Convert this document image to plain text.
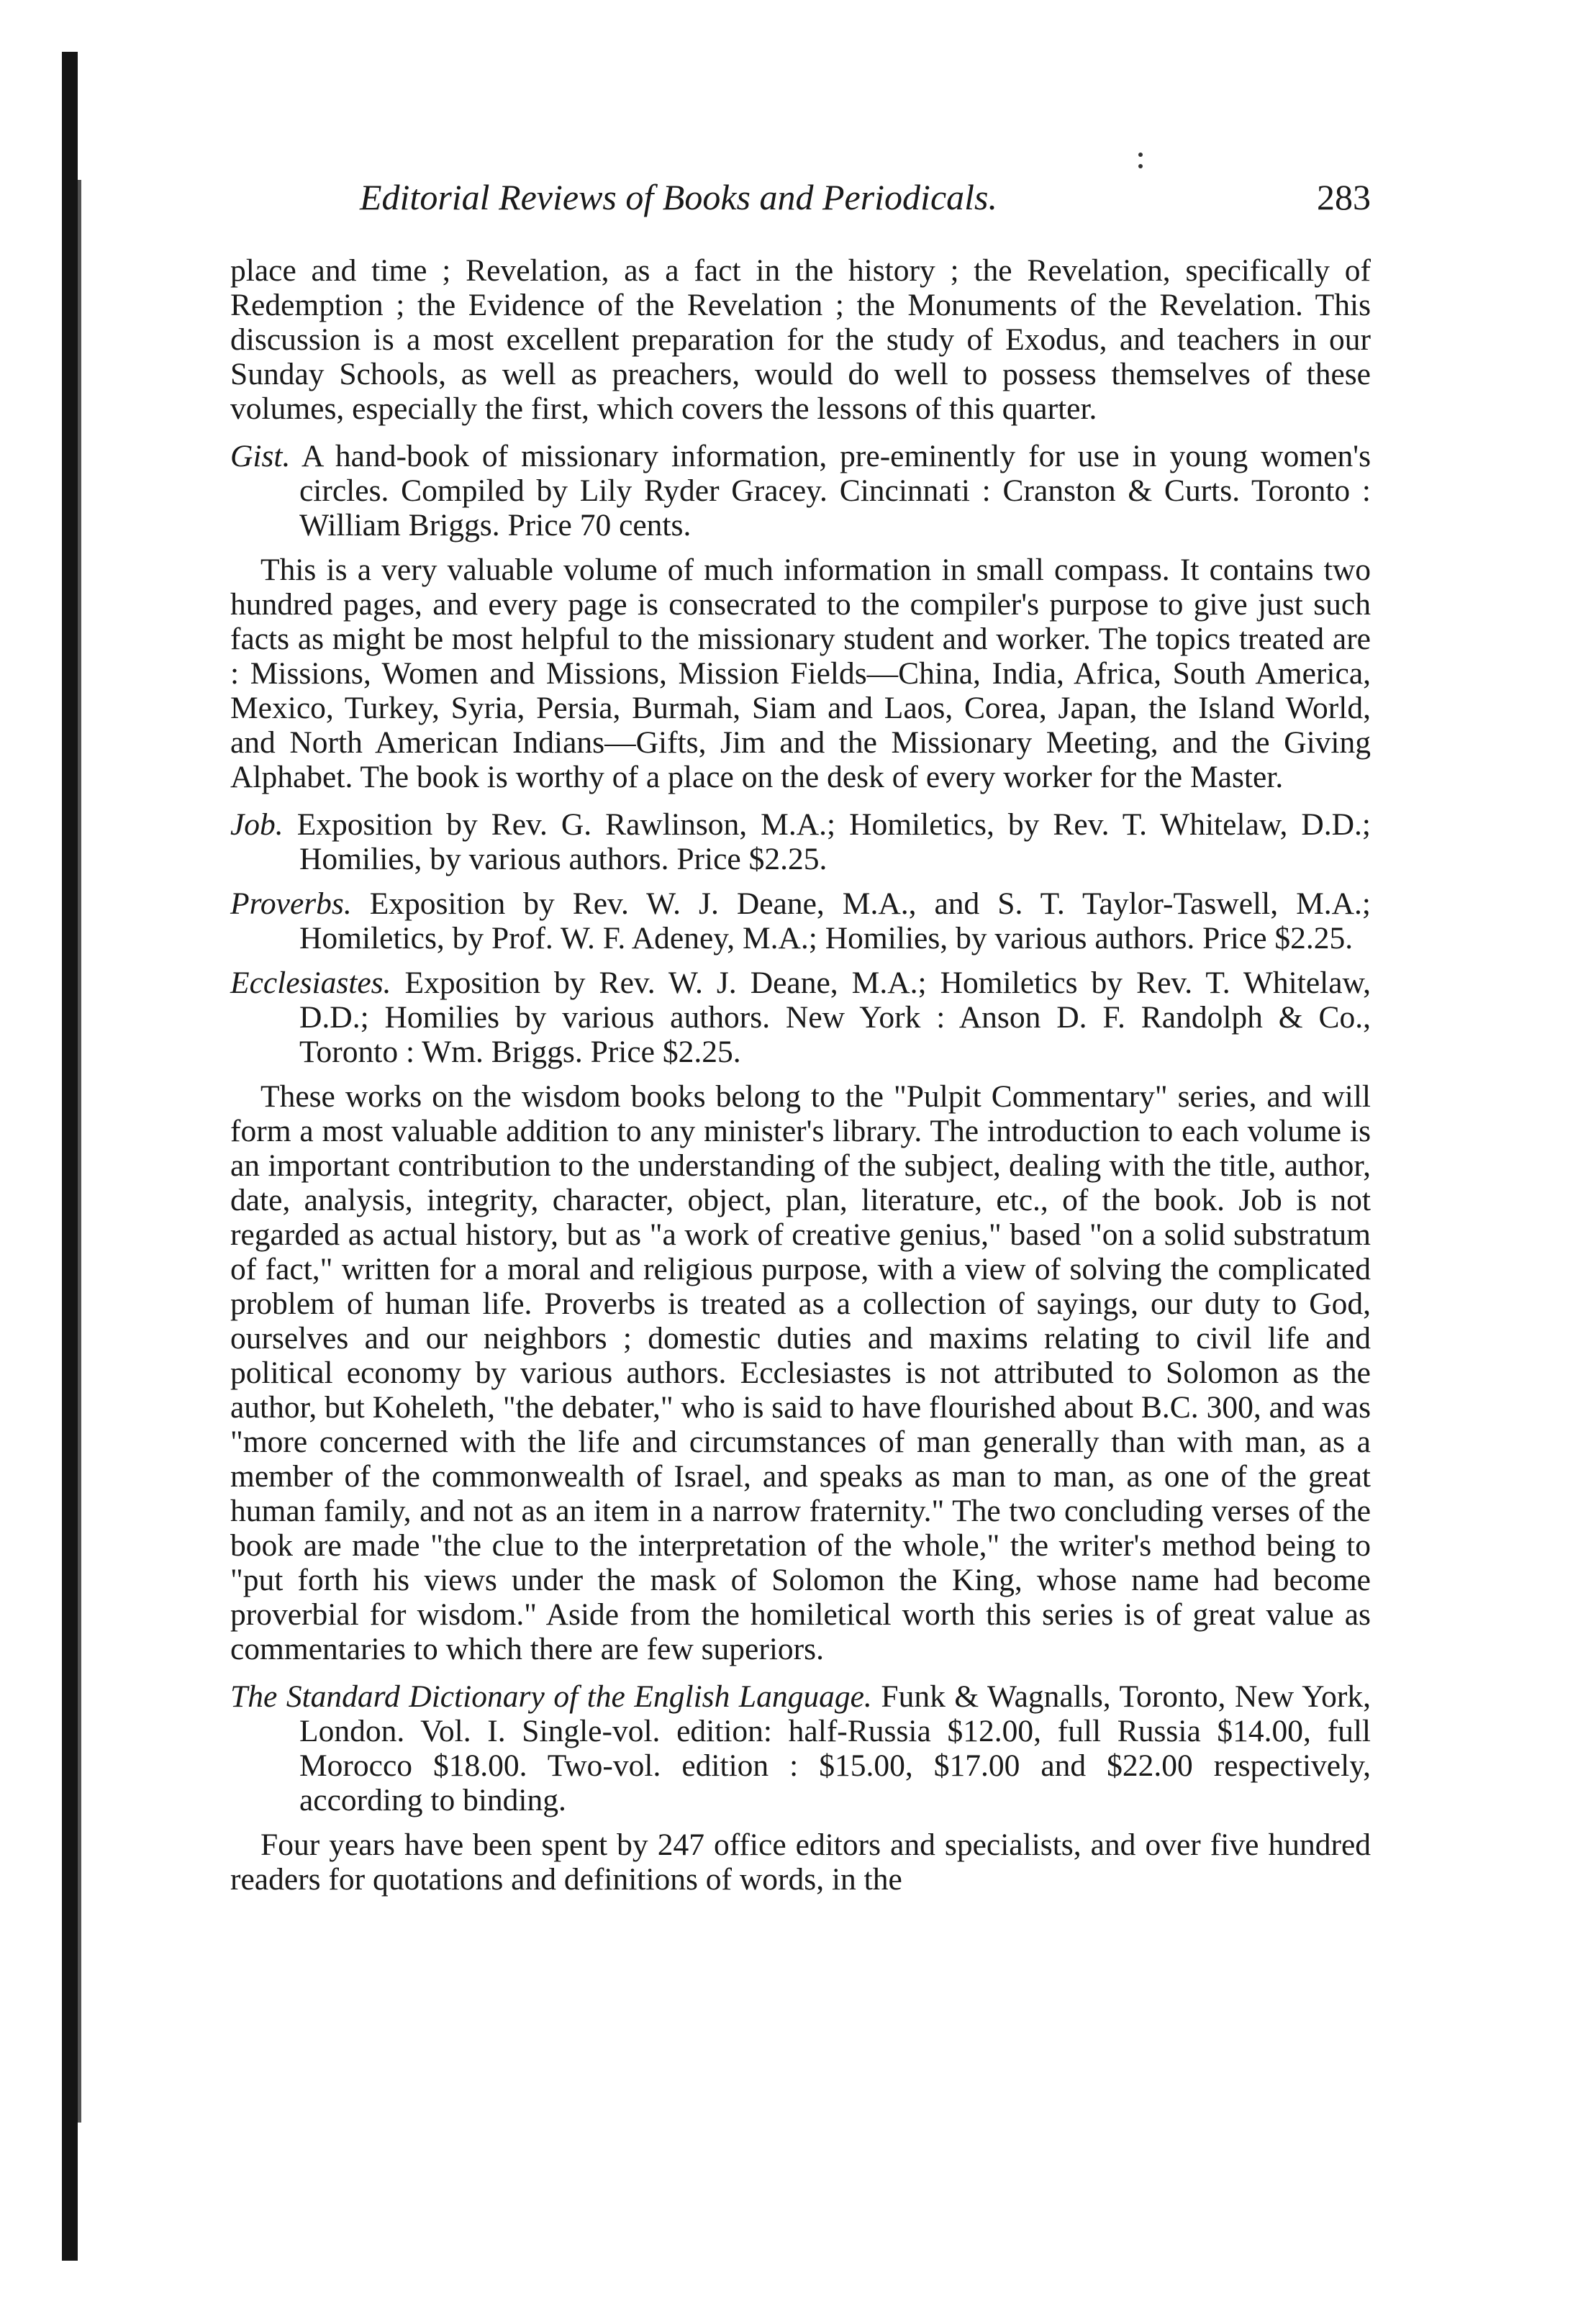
Editorial Reviews of Books and Periodicals.	283

place and time ; Revelation, as a fact in the history ; the Revelation, specifically of Redemption ; the Evidence of the Revelation ; the Monuments of the Revelation. This discussion is a most excellent preparation for the study of Exodus, and teachers in our Sunday Schools, as well as preachers, would do well to possess themselves of these volumes, especially the first, which covers the lessons of this quarter.

Gist. A hand-book of missionary information, pre-eminently for use in young women's circles. Compiled by Lily Ryder Gracey. Cincinnati : Cranston & Curts. Toronto : William Briggs. Price 70 cents.

This is a very valuable volume of much information in small compass. It contains two hundred pages, and every page is consecrated to the compiler's purpose to give just such facts as might be most helpful to the missionary student and worker. The topics treated are : Missions, Women and Missions, Mission Fields—China, India, Africa, South America, Mexico, Turkey, Syria, Persia, Burmah, Siam and Laos, Corea, Japan, the Island World, and North American Indians—Gifts, Jim and the Missionary Meeting, and the Giving Alphabet. The book is worthy of a place on the desk of every worker for the Master.

Job. Exposition by Rev. G. Rawlinson, M.A.; Homiletics, by Rev. T. Whitelaw, D.D.; Homilies, by various authors. Price $2.25.

Proverbs. Exposition by Rev. W. J. Deane, M.A., and S. T. Taylor-Taswell, M.A.; Homiletics, by Prof. W. F. Adeney, M.A.; Homilies, by various authors. Price $2.25.

Ecclesiastes. Exposition by Rev. W. J. Deane, M.A.; Homiletics by Rev. T. Whitelaw, D.D.; Homilies by various authors. New York : Anson D. F. Randolph & Co., Toronto : Wm. Briggs. Price $2.25.

These works on the wisdom books belong to the "Pulpit Commentary" series, and will form a most valuable addition to any minister's library. The introduction to each volume is an important contribution to the understanding of the subject, dealing with the title, author, date, analysis, integrity, character, object, plan, literature, etc., of the book. Job is not regarded as actual history, but as "a work of creative genius," based "on a solid substratum of fact," written for a moral and religious purpose, with a view of solving the complicated problem of human life. Proverbs is treated as a collection of sayings, our duty to God, ourselves and our neighbors ; domestic duties and maxims relating to civil life and political economy by various authors. Ecclesiastes is not attributed to Solomon as the author, but Koheleth, "the debater," who is said to have flourished about B.C. 300, and was "more concerned with the life and circumstances of man generally than with man, as a member of the commonwealth of Israel, and speaks as man to man, as one of the great human family, and not as an item in a narrow fraternity." The two concluding verses of the book are made "the clue to the interpretation of the whole," the writer's method being to "put forth his views under the mask of Solomon the King, whose name had become proverbial for wisdom." Aside from the homiletical worth this series is of great value as commentaries to which there are few superiors.

The Standard Dictionary of the English Language. Funk & Wagnalls, Toronto, New York, London. Vol. I. Single-vol. edition: half-Russia $12.00, full Russia $14.00, full Morocco $18.00. Two-vol. edition : $15.00, $17.00 and $22.00 respectively, according to binding.

Four years have been spent by 247 office editors and specialists, and over five hundred readers for quotations and definitions of words, in the
